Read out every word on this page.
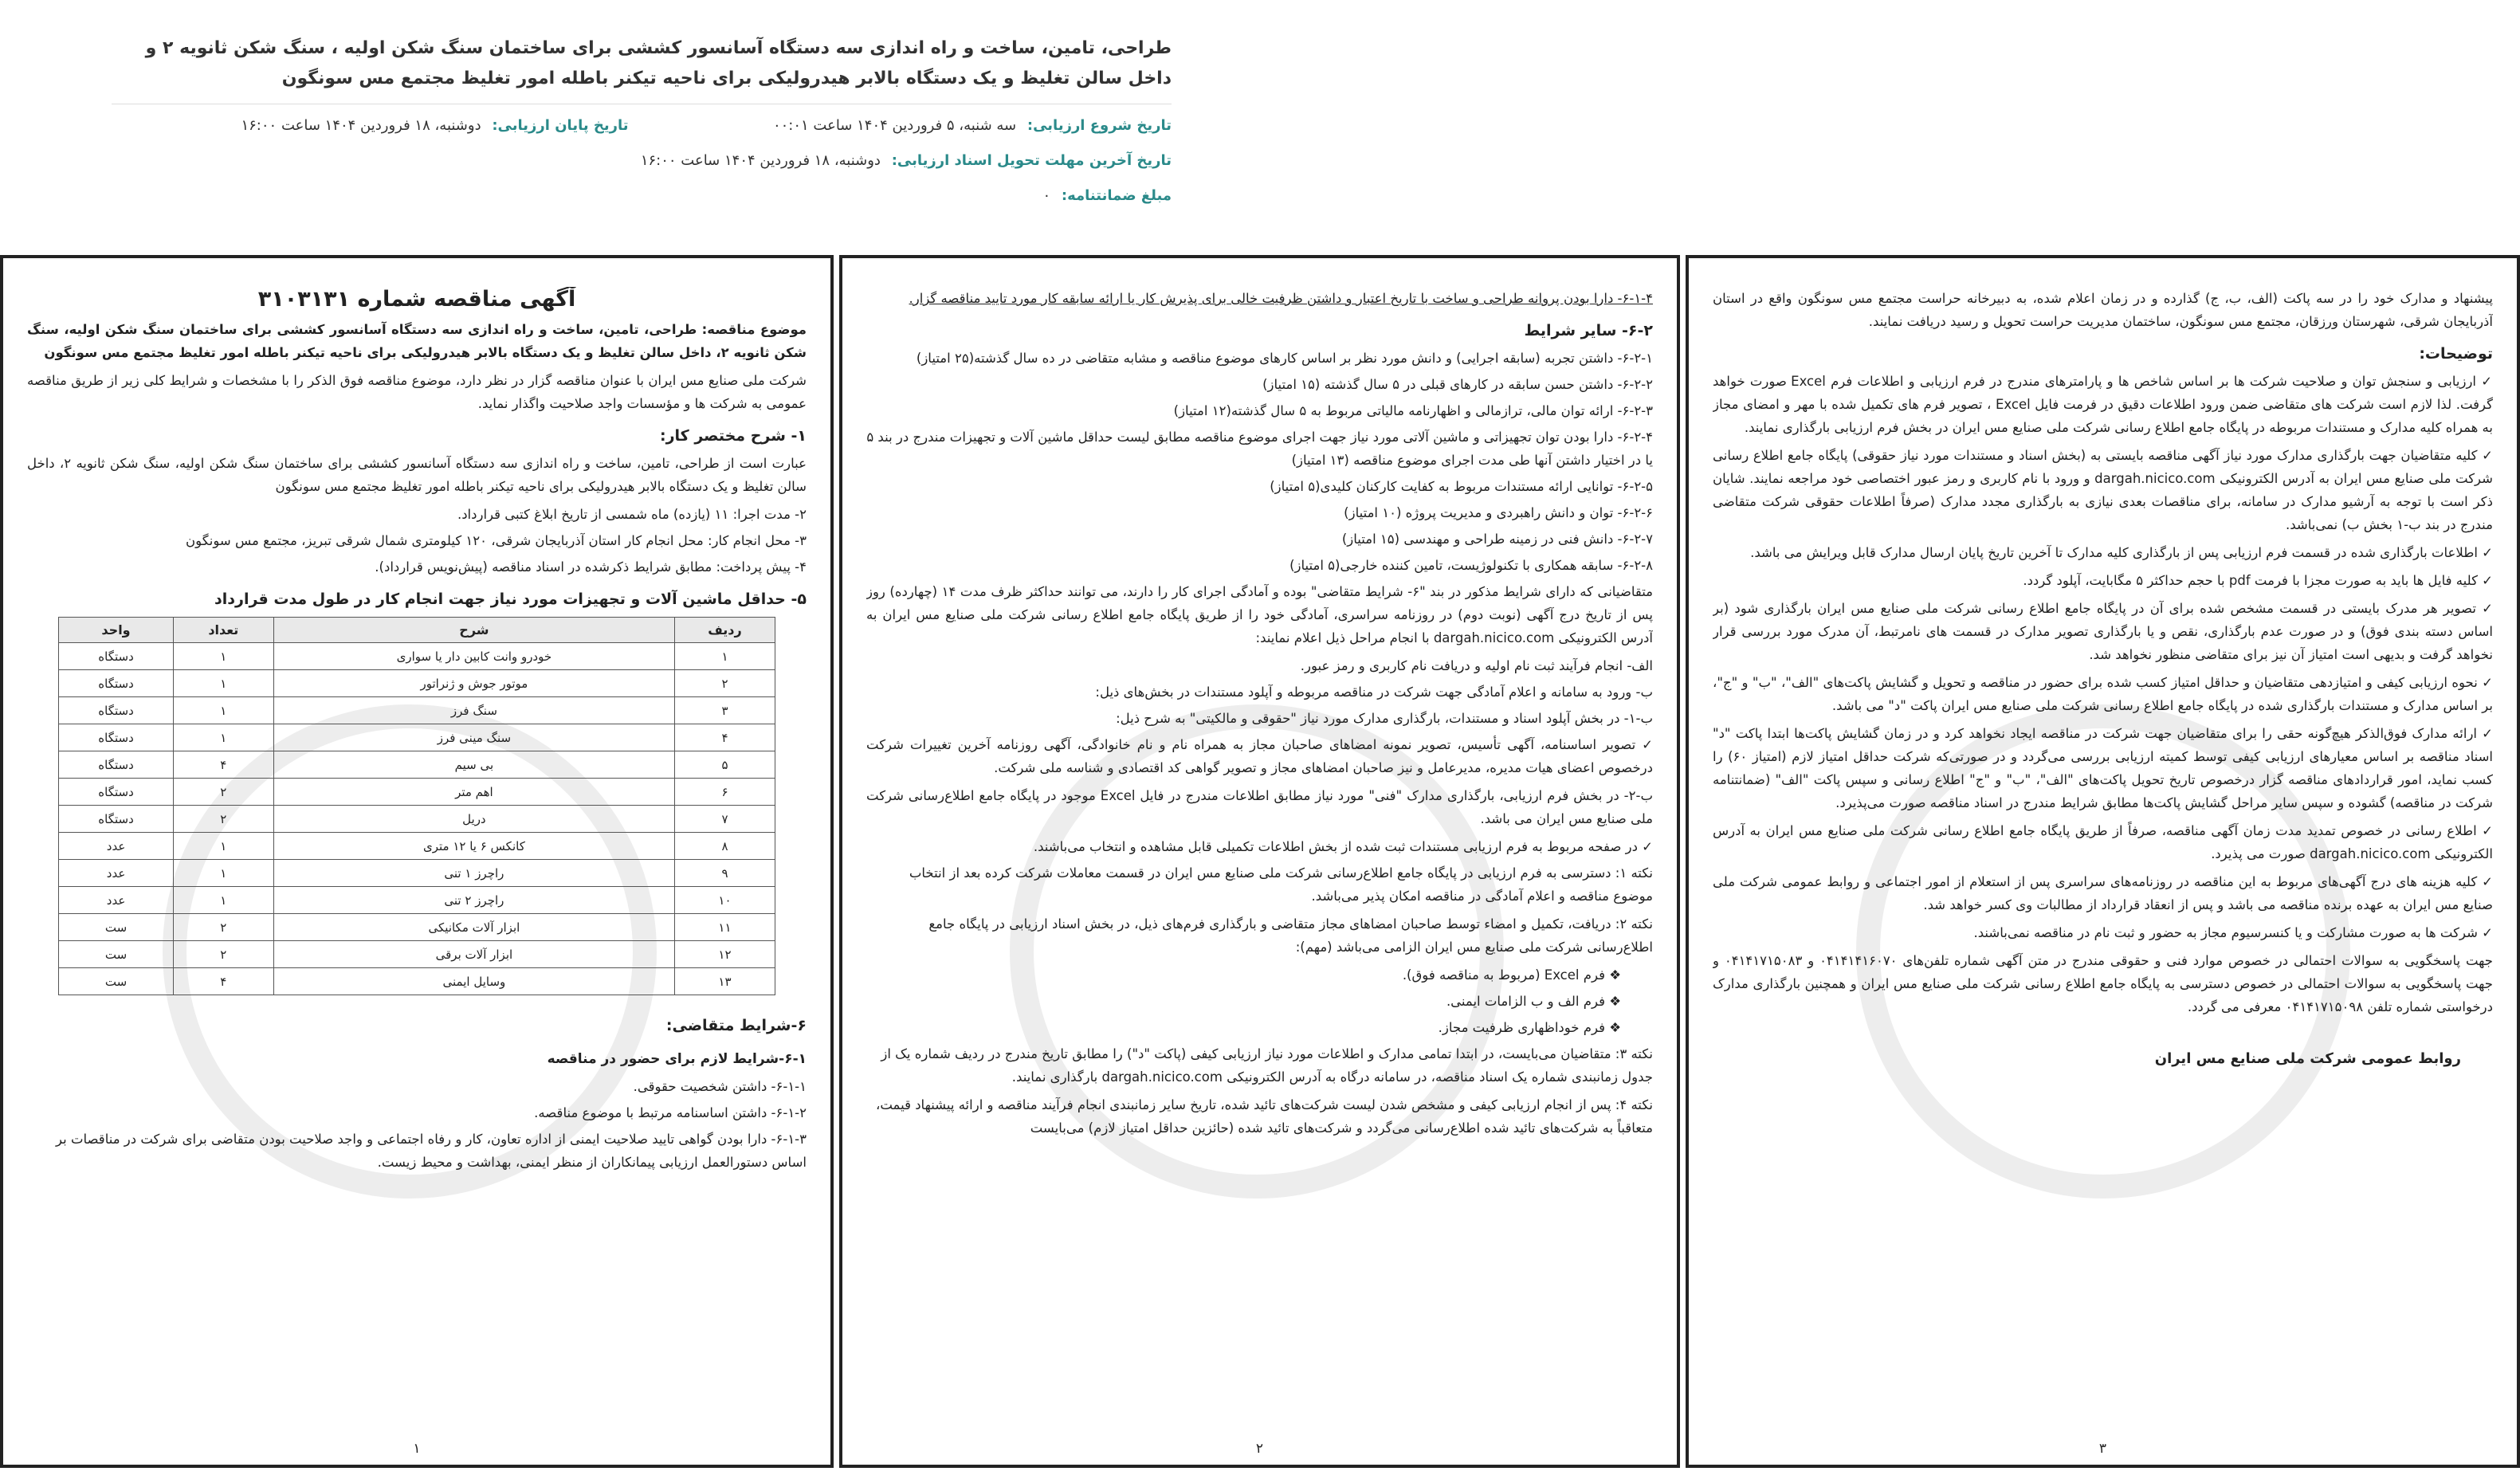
طراحی، تامین، ساخت و راه اندازی سه دستگاه آسانسور کششی برای ساختمان سنگ شکن اولیه ، سنگ شکن ثانویه ۲ و داخل سالن تغلیظ و یک دستگاه بالابر هیدرولیکی برای ناحیه تیکنر باطله امور تغلیظ مجتمع مس سونگون

تاریخ شروع ارزیابی: سه شنبه، ۵ فروردین ۱۴۰۴ ساعت ۰۰:۰۱  تاریخ پایان ارزیابی: دوشنبه، ۱۸ فروردین ۱۴۰۴ ساعت ۱۶:۰۰

تاریخ آخرین مهلت تحویل اسناد ارزیابی: دوشنبه، ۱۸ فروردین ۱۴۰۴ ساعت ۱۶:۰۰

مبلغ ضمانتنامه: ۰

آگهی مناقصه شماره ۳۱۰۳۱۳۱

موضوع مناقصه: طراحی، تامین، ساخت و راه اندازی سه دستگاه آسانسور کششی برای ساختمان سنگ شکن اولیه، سنگ شکن ثانویه ۲، داخل سالن تغلیظ و یک دستگاه بالابر هیدرولیکی برای ناحیه تیکنر باطله امور تغلیظ مجتمع مس سونگون

شرکت ملی صنایع مس ایران با عنوان مناقصه گزار در نظر دارد، موضوع مناقصه فوق الذکر را با مشخصات و شرایط کلی زیر از طریق مناقصه عمومی به شرکت ها و مؤسسات واجد صلاحیت واگذار نماید.

۱- شرح مختصر کار:

عبارت است از طراحی، تامین، ساخت و راه اندازی سه دستگاه آسانسور کششی برای ساختمان سنگ شکن اولیه، سنگ شکن ثانویه ۲، داخل سالن تغلیظ و یک دستگاه بالابر هیدرولیکی برای ناحیه تیکنر باطله امور تغلیظ مجتمع مس سونگون

۲- مدت اجرا: ۱۱ (یازده) ماه شمسی از تاریخ ابلاغ کتبی قرارداد.

۳- محل انجام کار: محل انجام کار استان آذربایجان شرقی، ۱۲۰ کیلومتری شمال شرقی تبریز، مجتمع مس سونگون

۴- پیش پرداخت: مطابق شرایط ذکرشده در اسناد مناقصه (پیش‌نویس قرارداد).

۵- حداقل ماشین آلات و تجهیزات مورد نیاز جهت انجام کار در طول مدت قرارداد

ردیف	شرح	تعداد	واحد
۱	خودرو وانت کابین دار یا سواری	۱	دستگاه
۲	موتور جوش و ژنراتور	۱	دستگاه
۳	سنگ فرز	۱	دستگاه
۴	سنگ مینی فرز	۱	دستگاه
۵	بی سیم	۴	دستگاه
۶	اهم متر	۲	دستگاه
۷	دریل	۲	دستگاه
۸	کانکس ۶ یا ۱۲ متری	۱	عدد
۹	راچرز ۱ تنی	۱	عدد
۱۰	راچرز ۲ تنی	۱	عدد
۱۱	ابزار آلات مکانیکی	۲	ست
۱۲	ابزار آلات برقی	۲	ست
۱۳	وسایل ایمنی	۴	ست

۶-شرایط متقاضی:

۶-۱-شرایط لازم برای حضور در مناقصه

۶-۱-۱- داشتن شخصیت حقوقی.

۶-۱-۲- داشتن اساسنامه مرتبط با موضوع مناقصه.

۶-۱-۳- دارا بودن گواهی تایید صلاحیت ایمنی از اداره تعاون، کار و رفاه اجتماعی و واجد صلاحیت بودن متقاضی برای شرکت در مناقصات بر اساس دستورالعمل ارزیابی پیمانکاران از منظر ایمنی، بهداشت و محیط زیست.

۱

۶-۱-۴- دارا بودن پروانه طراحی و ساخت با تاریخ اعتبار و داشتن ظرفیت خالی برای پذیرش کار یا ارائه سابقه کار مورد تایید مناقصه گزار.

۶-۲- سایر شرایط

۶-۲-۱- داشتن تجربه (سابقه اجرایی) و دانش مورد نظر بر اساس کارهای موضوع مناقصه و مشابه متقاضی در ده سال گذشته(۲۵ امتیاز)

۶-۲-۲- داشتن حسن سابقه در کارهای قبلی در ۵ سال گذشته (۱۵ امتیاز)

۶-۲-۳- ارائه توان مالی، ترازمالی و اظهارنامه مالیاتی مربوط به ۵ سال گذشته(۱۲ امتیاز)

۶-۲-۴- دارا بودن توان تجهیزاتی و ماشین آلاتی مورد نیاز جهت اجرای موضوع مناقصه مطابق لیست حداقل ماشین آلات و تجهیزات مندرج در بند ۵ یا در اختیار داشتن آنها طی مدت اجرای موضوع مناقصه (۱۳ امتیاز)

۶-۲-۵- توانایی ارائه مستندات مربوط به کفایت کارکنان کلیدی(۵ امتیاز)

۶-۲-۶- توان و دانش راهبردی و مدیریت پروژه (۱۰ امتیاز)

۶-۲-۷- دانش فنی در زمینه طراحی و مهندسی (۱۵ امتیاز)

۶-۲-۸- سابقه همکاری با تکنولوژیست، تامین کننده خارجی(۵ امتیاز)

متقاضیانی که دارای شرایط مذکور در بند "۶- شرایط متقاضی" بوده و آمادگی اجرای کار را دارند، می توانند حداکثر ظرف مدت ۱۴ (چهارده) روز پس از تاریخ درج آگهی (نوبت دوم) در روزنامه سراسری، آمادگی خود را از طریق پایگاه جامع اطلاع رسانی شرکت ملی صنایع مس ایران به آدرس الکترونیکی dargah.nicico.com با انجام مراحل ذیل اعلام نمایند:

الف- انجام فرآیند ثبت نام اولیه و دریافت نام کاربری و رمز عبور.

ب- ورود به سامانه و اعلام آمادگی جهت شرکت در مناقصه مربوطه و آپلود مستندات در بخش‌های ذیل:

ب-۱- در بخش آپلود اسناد و مستندات، بارگذاری مدارک مورد نیاز "حقوقی و مالکیتی" به شرح ذیل:

✓ تصویر اساسنامه، آگهی تأسیس، تصویر نمونه امضاهای صاحبان مجاز به همراه نام و نام خانوادگی، آگهی روزنامه آخرین تغییرات شرکت درخصوص اعضای هیات مدیره، مدیرعامل و نیز صاحبان امضاهای مجاز و تصویر گواهی کد اقتصادی و شناسه ملی شرکت.

ب-۲- در بخش فرم ارزیابی، بارگذاری مدارک "فنی" مورد نیاز مطابق اطلاعات مندرج در فایل Excel موجود در پایگاه جامع اطلاع‌رسانی شرکت ملی صنایع مس ایران می باشد.

✓ در صفحه مربوط به فرم ارزیابی مستندات ثبت شده از بخش اطلاعات تکمیلی قابل مشاهده و انتخاب می‌باشند.

نکته ۱: دسترسی به فرم ارزیابی در پایگاه جامع اطلاع‌رسانی شرکت ملی صنایع مس ایران در قسمت معاملات شرکت کرده بعد از انتخاب موضوع مناقصه و اعلام آمادگی در مناقصه امکان پذیر می‌باشد.

نکته ۲: دریافت، تکمیل و امضاء توسط صاحبان امضاهای مجاز متقاضی و بارگذاری فرم‌های ذیل، در بخش اسناد ارزیابی در پایگاه جامع اطلاع‌رسانی شرکت ملی صنایع مس ایران الزامی می‌باشد (مهم):

❖ فرم Excel (مربوط به مناقصه فوق).

❖ فرم الف و ب الزامات ایمنی.

❖ فرم خوداظهاری ظرفیت مجاز.

نکته ۳: متقاضیان می‌بایست، در ابتدا تمامی مدارک و اطلاعات مورد نیاز ارزیابی کیفی (پاکت "د") را مطابق تاریخ مندرج در ردیف شماره یک از جدول زمانبندی شماره یک اسناد مناقصه، در سامانه درگاه به آدرس الکترونیکی dargah.nicico.com بارگذاری نمایند.

نکته ۴: پس از انجام ارزیابی کیفی و مشخص شدن لیست شرکت‌های تائید شده، تاریخ سایر زمانبندی انجام فرآیند مناقصه و ارائه پیشنهاد قیمت، متعاقباً به شرکت‌های تائید شده اطلاع‌رسانی می‌گردد و شرکت‌های تائید شده (حائزین حداقل امتیاز لازم) می‌بایست

۲

پیشنهاد و مدارک خود را در سه پاکت (الف، ب، ج) گذارده و در زمان اعلام شده، به دبیرخانه حراست مجتمع مس سونگون واقع در استان آذربایجان شرقی، شهرستان ورزقان، مجتمع مس سونگون، ساختمان مدیریت حراست تحویل و رسید دریافت نمایند.

توضیحات:

✓ ارزیابی و سنجش توان و صلاحیت شرکت ها بر اساس شاخص ها و پارامترهای مندرج در فرم ارزیابی و اطلاعات فرم Excel صورت خواهد گرفت. لذا لازم است شرکت های متقاضی ضمن ورود اطلاعات دقیق در فرمت فایل Excel ، تصویر فرم های تکمیل شده با مهر و امضای مجاز به همراه کلیه مدارک و مستندات مربوطه در پایگاه جامع اطلاع رسانی شرکت ملی صنایع مس ایران در بخش فرم ارزیابی بارگذاری نمایند.

✓ کلیه متقاضیان جهت بارگذاری مدارک مورد نیاز آگهی مناقصه بایستی به (بخش اسناد و مستندات مورد نیاز حقوقی) پایگاه جامع اطلاع رسانی شرکت ملی صنایع مس ایران به آدرس الکترونیکی dargah.nicico.com و ورود با نام کاربری و رمز عبور اختصاصی خود مراجعه نمایند. شایان ذکر است با توجه به آرشیو مدارک در سامانه، برای مناقصات بعدی نیازی به بارگذاری مجدد مدارک (صرفاً اطلاعات حقوقی شرکت متقاضی مندرج در بند ب-۱ بخش ب) نمی‌باشد.

✓ اطلاعات بارگذاری شده در قسمت فرم ارزیابی پس از بارگذاری کلیه مدارک تا آخرین تاریخ پایان ارسال مدارک قابل ویرایش می باشد.

✓ کلیه فایل ها باید به صورت مجزا با فرمت pdf با حجم حداکثر ۵ مگابایت، آپلود گردد.

✓ تصویر هر مدرک بایستی در قسمت مشخص شده برای آن در پایگاه جامع اطلاع رسانی شرکت ملی صنایع مس ایران بارگذاری شود (بر اساس دسته بندی فوق) و در صورت عدم بارگذاری، نقص و یا بارگذاری تصویر مدارک در قسمت های نامرتبط، آن مدرک مورد بررسی قرار نخواهد گرفت و بدیهی است امتیاز آن نیز برای متقاضی منظور نخواهد شد.

✓ نحوه ارزیابی کیفی و امتیازدهی متقاضیان و حداقل امتیاز کسب شده برای حضور در مناقصه و تحویل و گشایش پاکت‌های "الف"، "ب" و "ج"، بر اساس مدارک و مستندات بارگذاری شده در پایگاه جامع اطلاع رسانی شرکت ملی صنایع مس ایران پاکت "د" می باشد.

✓ ارائه مدارک فوق‌الذکر هیچ‌گونه حقی را برای متقاضیان جهت شرکت در مناقصه ایجاد نخواهد کرد و در زمان گشایش پاکت‌ها ابتدا پاکت "د" اسناد مناقصه بر اساس معیارهای ارزیابی کیفی توسط کمیته ارزیابی بررسی می‌گردد و در صورتی‌که شرکت حداقل امتیاز لازم (امتیاز ۶۰) را کسب نماید، امور قراردادهای مناقصه گزار درخصوص تاریخ تحویل پاکت‌های "الف"، "ب" و "ج" اطلاع رسانی و سپس پاکت "الف" (ضمانتنامه شرکت در مناقصه) گشوده و سپس سایر مراحل گشایش پاکت‌ها مطابق شرایط مندرج در اسناد مناقصه صورت می‌پذیرد.

✓ اطلاع رسانی در خصوص تمدید مدت زمان آگهی مناقصه، صرفاً از طریق پایگاه جامع اطلاع رسانی شرکت ملی صنایع مس ایران به آدرس الکترونیکی dargah.nicico.com صورت می پذیرد.

✓ کلیه هزینه های درج آگهی‌های مربوط به این مناقصه در روزنامه‌های سراسری پس از استعلام از امور اجتماعی و روابط عمومی شرکت ملی صنایع مس ایران به عهده برنده مناقصه می باشد و پس از انعقاد قرارداد از مطالبات وی کسر خواهد شد.

✓ شرکت ها به صورت مشارکت و یا کنسرسیوم مجاز به حضور و ثبت نام در مناقصه نمی‌باشند.

جهت پاسخگویی به سوالات احتمالی در خصوص موارد فنی و حقوقی مندرج در متن آگهی شماره تلفن‌های ۰۴۱۴۱۴۱۶۰۷۰ و ۰۴۱۴۱۷۱۵۰۸۳ و جهت پاسخگویی به سوالات احتمالی در خصوص دسترسی به پایگاه جامع اطلاع رسانی شرکت ملی صنایع مس ایران و همچنین بارگذاری مدارک درخواستی شماره تلفن ۰۴۱۴۱۷۱۵۰۹۸ معرفی می گردد.

روابط عمومی شرکت ملی صنایع مس ایران

۳
